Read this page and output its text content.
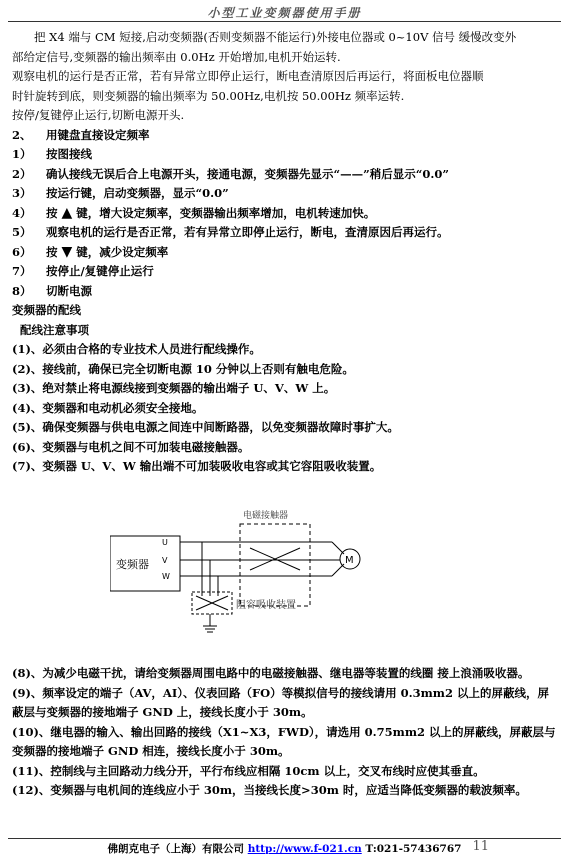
小型工业变频器使用手册
把 X4 端与 CM 短接,启动变频器(否则变频器不能运行)外接电位器或 0~10V 信号 缓慢改变外
部给定信号,变频器的输出频率由 0.0Hz 开始增加,电机开始运转.
观察电机的运行是否正常，若有异常立即停止运行，断电查清原因后再运行，将面板电位器顺
时针旋转到底，则变频器的输出频率为 50.00Hz,电机按 50.00Hz 频率运转.
按停/复键停止运行,切断电源开头.
2、 用键盘直接设定频率
1） 按图接线
2） 确认接线无误后合上电源开头，接通电源，变频器先显示“——”稍后显示“0.0”
3） 按运行键，启动变频器，显示“0.0”
4） 按 ▲ 键，增大设定频率，变频器输出频率增加，电机转速加快。
5） 观察电机的运行是否正常，若有异常立即停止运行，断电，查清原因后再运行。
6） 按 ▼ 键，减少设定频率
7） 按停止/复键停止运行
8） 切断电源
变频器的配线
配线注意事项
(1)、必须由合格的专业技术人员进行配线操作。
(2)、接线前，确保已完全切断电源 10 分钟以上否则有触电危险。
(3)、绝对禁止将电源线接到变频器的输出端子 U、V、W 上。
(4)、变频器和电动机必须安全接地。
(5)、确保变频器与供电电源之间连中间断路器，以免变频器故障时事扩大。
(6)、变频器与电机之间不可加装电磁接触器。
(7)、变频器 U、V、W 输出端不可加装吸收电容或其它容阻吸收装置。
变频器
U
V
W
电磁接触器
M
阻容吸收装置
(8)、为减少电磁干扰，请给变频器周围电路中的电磁接触器、继电器等装置的线圈 接上浪涌吸收器。
(9)、频率设定的端子（AV，AI）、仪表回路（FO）等模拟信号的接线请用 0.3mm2 以上的屏蔽线，屏蔽层与变频器的接地端子 GND 上，接线长度小于 30m。
(10)、继电器的输入、输出回路的接线（X1~X3，FWD），请选用 0.75mm2 以上的屏蔽线，屏蔽层与变频器的接地端子 GND 相连，接线长度小于 30m。
(11)、控制线与主回路动力线分开，平行布线应相隔 10cm 以上，交叉布线时应使其垂直。
(12)、变频器与电机间的连线应小于 30m，当接线长度>30m 时，应适当降低变频器的载波频率。
佛朗克电子（上海）有限公司 http://www.f-021.cn T:021-57436767 11
